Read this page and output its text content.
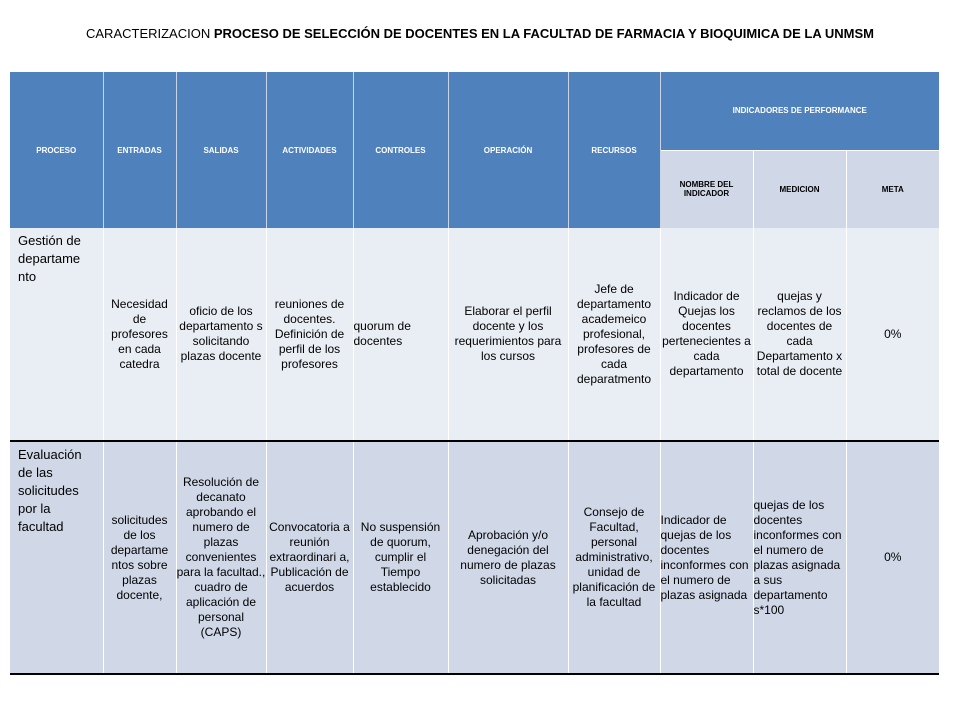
CARACTERIZACION PROCESO DE SELECCIÓN DE DOCENTES EN LA FACULTAD DE FARMACIA Y BIOQUIMICA DE LA UNMSM
PROCESO	ENTRADAS	SALIDAS	ACTIVIDADES	CONTROLES	OPERACIÓN	RECURSOS	INDICADORES DE PERFORMANCE		

							NOMBRE DEL INDICADOR	MEDICION	META
Gestión de departame nto	Necesidad de profesores en cada catedra	oficio de los departamento s solicitando plazas docente	reuniones de docentes. Definición de perfil de los profesores	quorum de docentes	Elaborar el perfil docente y los requerimientos para los cursos	Jefe de departamento academeico profesional, profesores de cada deparatmento	Indicador de Quejas los docentes pertenecientes a cada departamento	quejas y reclamos de los docentes de cada Departamento x total de docente	0%
Evaluación de las solicitudes por la facultad	solicitudes de los departame ntos sobre plazas docente,	Resolución de decanato aprobando el numero de plazas convenientes para la facultad., cuadro de aplicación de personal (CAPS)	Convocatoria a reunión extraordinari a, Publicación de acuerdos	No suspensión de quorum, cumplir el Tiempo establecido	Aprobación y/o denegación del numero de plazas solicitadas	Consejo de Facultad, personal administrativo, unidad de planificación de la facultad	Indicador de quejas de los docentes inconformes con el numero de plazas asignada	quejas de los docentes inconformes con el numero de plazas asignada a sus departamento s*100	0%
